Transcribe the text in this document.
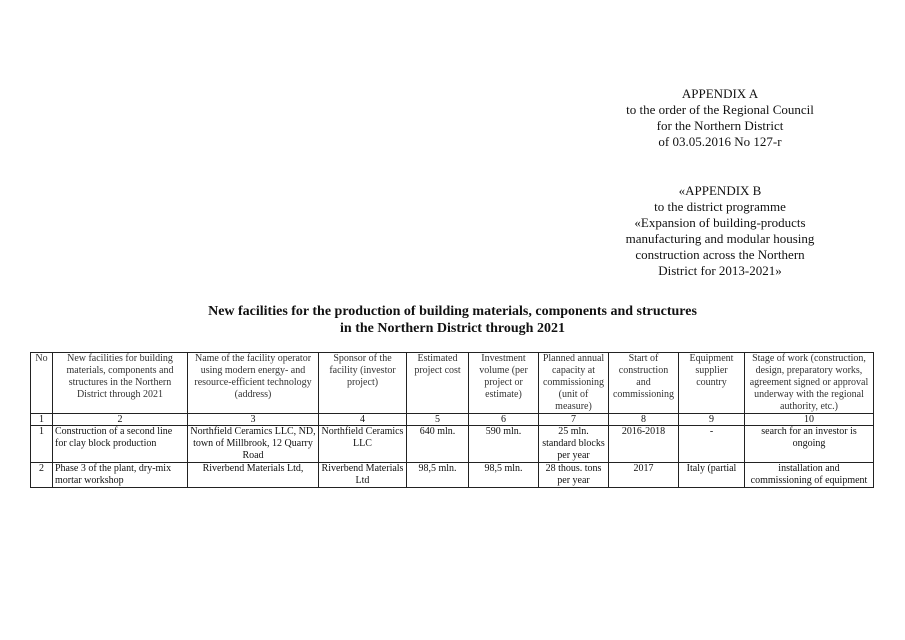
APPENDIX A
to the order of the Regional Council
for the Northern District
of 03.05.2016 No 127-r
«APPENDIX B
to the district programme
«Expansion of building-products
manufacturing and modular housing
construction across the Northern
District for 2013-2021»
New facilities for the production of building materials, components and structures
in the Northern District through 2021
No	New facilities for building materials, components and structures in the Northern District through 2021	Name of the facility operator using modern energy- and resource-efficient technology (address)	Sponsor of the facility (investor project)	Estimated project cost	Investment volume (per project or estimate)	Planned annual capacity at commissioning (unit of measure)	Start of construction and commissioning	Equipment supplier country	Stage of work (construction, design, preparatory works, agreement signed or approval underway with the regional authority, etc.)
1	2	3	4	5	6	7	8	9	10
1	Construction of a second line for clay block production	Northfield Ceramics LLC, ND, town of Millbrook, 12 Quarry Road	Northfield Ceramics LLC	640 mln.	590 mln.	25 mln. standard blocks per year	2016-2018	-	search for an investor is ongoing
2	Phase 3 of the plant, dry-mix mortar workshop	Riverbend Materials Ltd,	Riverbend Materials Ltd	98,5 mln.	98,5 mln.	28 thous. tons per year	2017	Italy (partial	installation and commissioning of equipment
